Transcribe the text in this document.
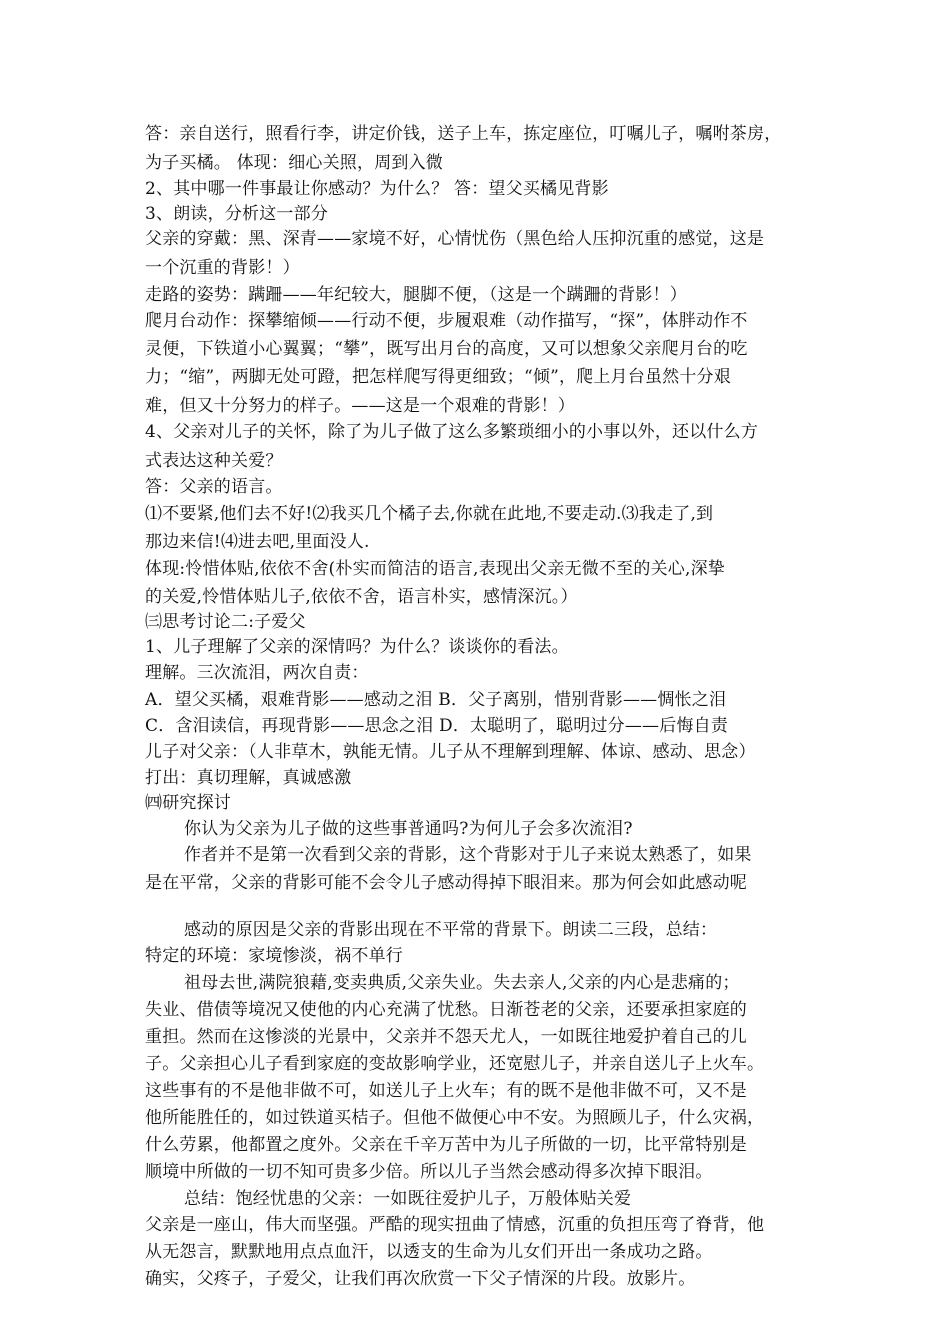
答：亲自送行，照看行李，讲定价钱，送子上车，拣定座位，叮嘱儿子，嘱咐茶房，
为子买橘。 体现：细心关照，周到入微
2、其中哪一件事最让你感动？为什么？ 答：望父买橘见背影
3、朗读，分析这一部分
父亲的穿戴：黑、深青——家境不好，心情忧伤（黑色给人压抑沉重的感觉，这是
一个沉重的背影！）
走路的姿势：蹒跚——年纪较大，腿脚不便，（这是一个蹒跚的背影！）
爬月台动作：探攀缩倾——行动不便，步履艰难（动作描写，“探”，体胖动作不
灵便，下铁道小心翼翼；“攀”，既写出月台的高度，又可以想象父亲爬月台的吃
力；“缩”，两脚无处可蹬，把怎样爬写得更细致；“倾”，爬上月台虽然十分艰
难，但又十分努力的样子。——这是一个艰难的背影！）
4、父亲对儿子的关怀，除了为儿子做了这么多繁琐细小的小事以外，还以什么方
式表达这种关爱？
答：父亲的语言。
⑴不要紧,他们去不好!⑵我买几个橘子去,你就在此地,不要走动.⑶我走了,到
那边来信!⑷进去吧,里面没人.
体现:怜惜体贴,依依不舍(朴实而简洁的语言,表现出父亲无微不至的关心,深挚
的关爱,怜惜体贴儿子,依依不舍，语言朴实，感情深沉。）
㈢思考讨论二:子爱父
1、儿子理解了父亲的深情吗？为什么？谈谈你的看法。
理解。三次流泪，两次自责：
A．望父买橘，艰难背影——感动之泪 B．父子离别，惜别背影——惆怅之泪
C．含泪读信，再现背影——思念之泪 D．太聪明了，聪明过分——后悔自责
儿子对父亲：（人非草木，孰能无情。儿子从不理解到理解、体谅、感动、思念）
打出：真切理解，真诚感激
㈣研究探讨
你认为父亲为儿子做的这些事普通吗?为何儿子会多次流泪?
作者并不是第一次看到父亲的背影，这个背影对于儿子来说太熟悉了，如果
是在平常，父亲的背影可能不会令儿子感动得掉下眼泪来。那为何会如此感动呢
感动的原因是父亲的背影出现在不平常的背景下。朗读二三段，总结：
特定的环境：家境惨淡，祸不单行
祖母去世,满院狼藉,变卖典质,父亲失业。失去亲人,父亲的内心是悲痛的；
失业、借债等境况又使他的内心充满了忧愁。日渐苍老的父亲，还要承担家庭的
重担。然而在这惨淡的光景中，父亲并不怨天尤人，一如既往地爱护着自己的儿
子。父亲担心儿子看到家庭的变故影响学业，还宽慰儿子，并亲自送儿子上火车。
这些事有的不是他非做不可，如送儿子上火车；有的既不是他非做不可，又不是
他所能胜任的，如过铁道买桔子。但他不做便心中不安。为照顾儿子，什么灾祸，
什么劳累，他都置之度外。父亲在千辛万苦中为儿子所做的一切，比平常特别是
顺境中所做的一切不知可贵多少倍。所以儿子当然会感动得多次掉下眼泪。
总结：饱经忧患的父亲：一如既往爱护儿子，万般体贴关爱
父亲是一座山，伟大而坚强。严酷的现实扭曲了情感，沉重的负担压弯了脊背，他
从无怨言，默默地用点点血汗，以透支的生命为儿女们开出一条成功之路。
确实，父疼子，子爱父，让我们再次欣赏一下父子情深的片段。放影片。
